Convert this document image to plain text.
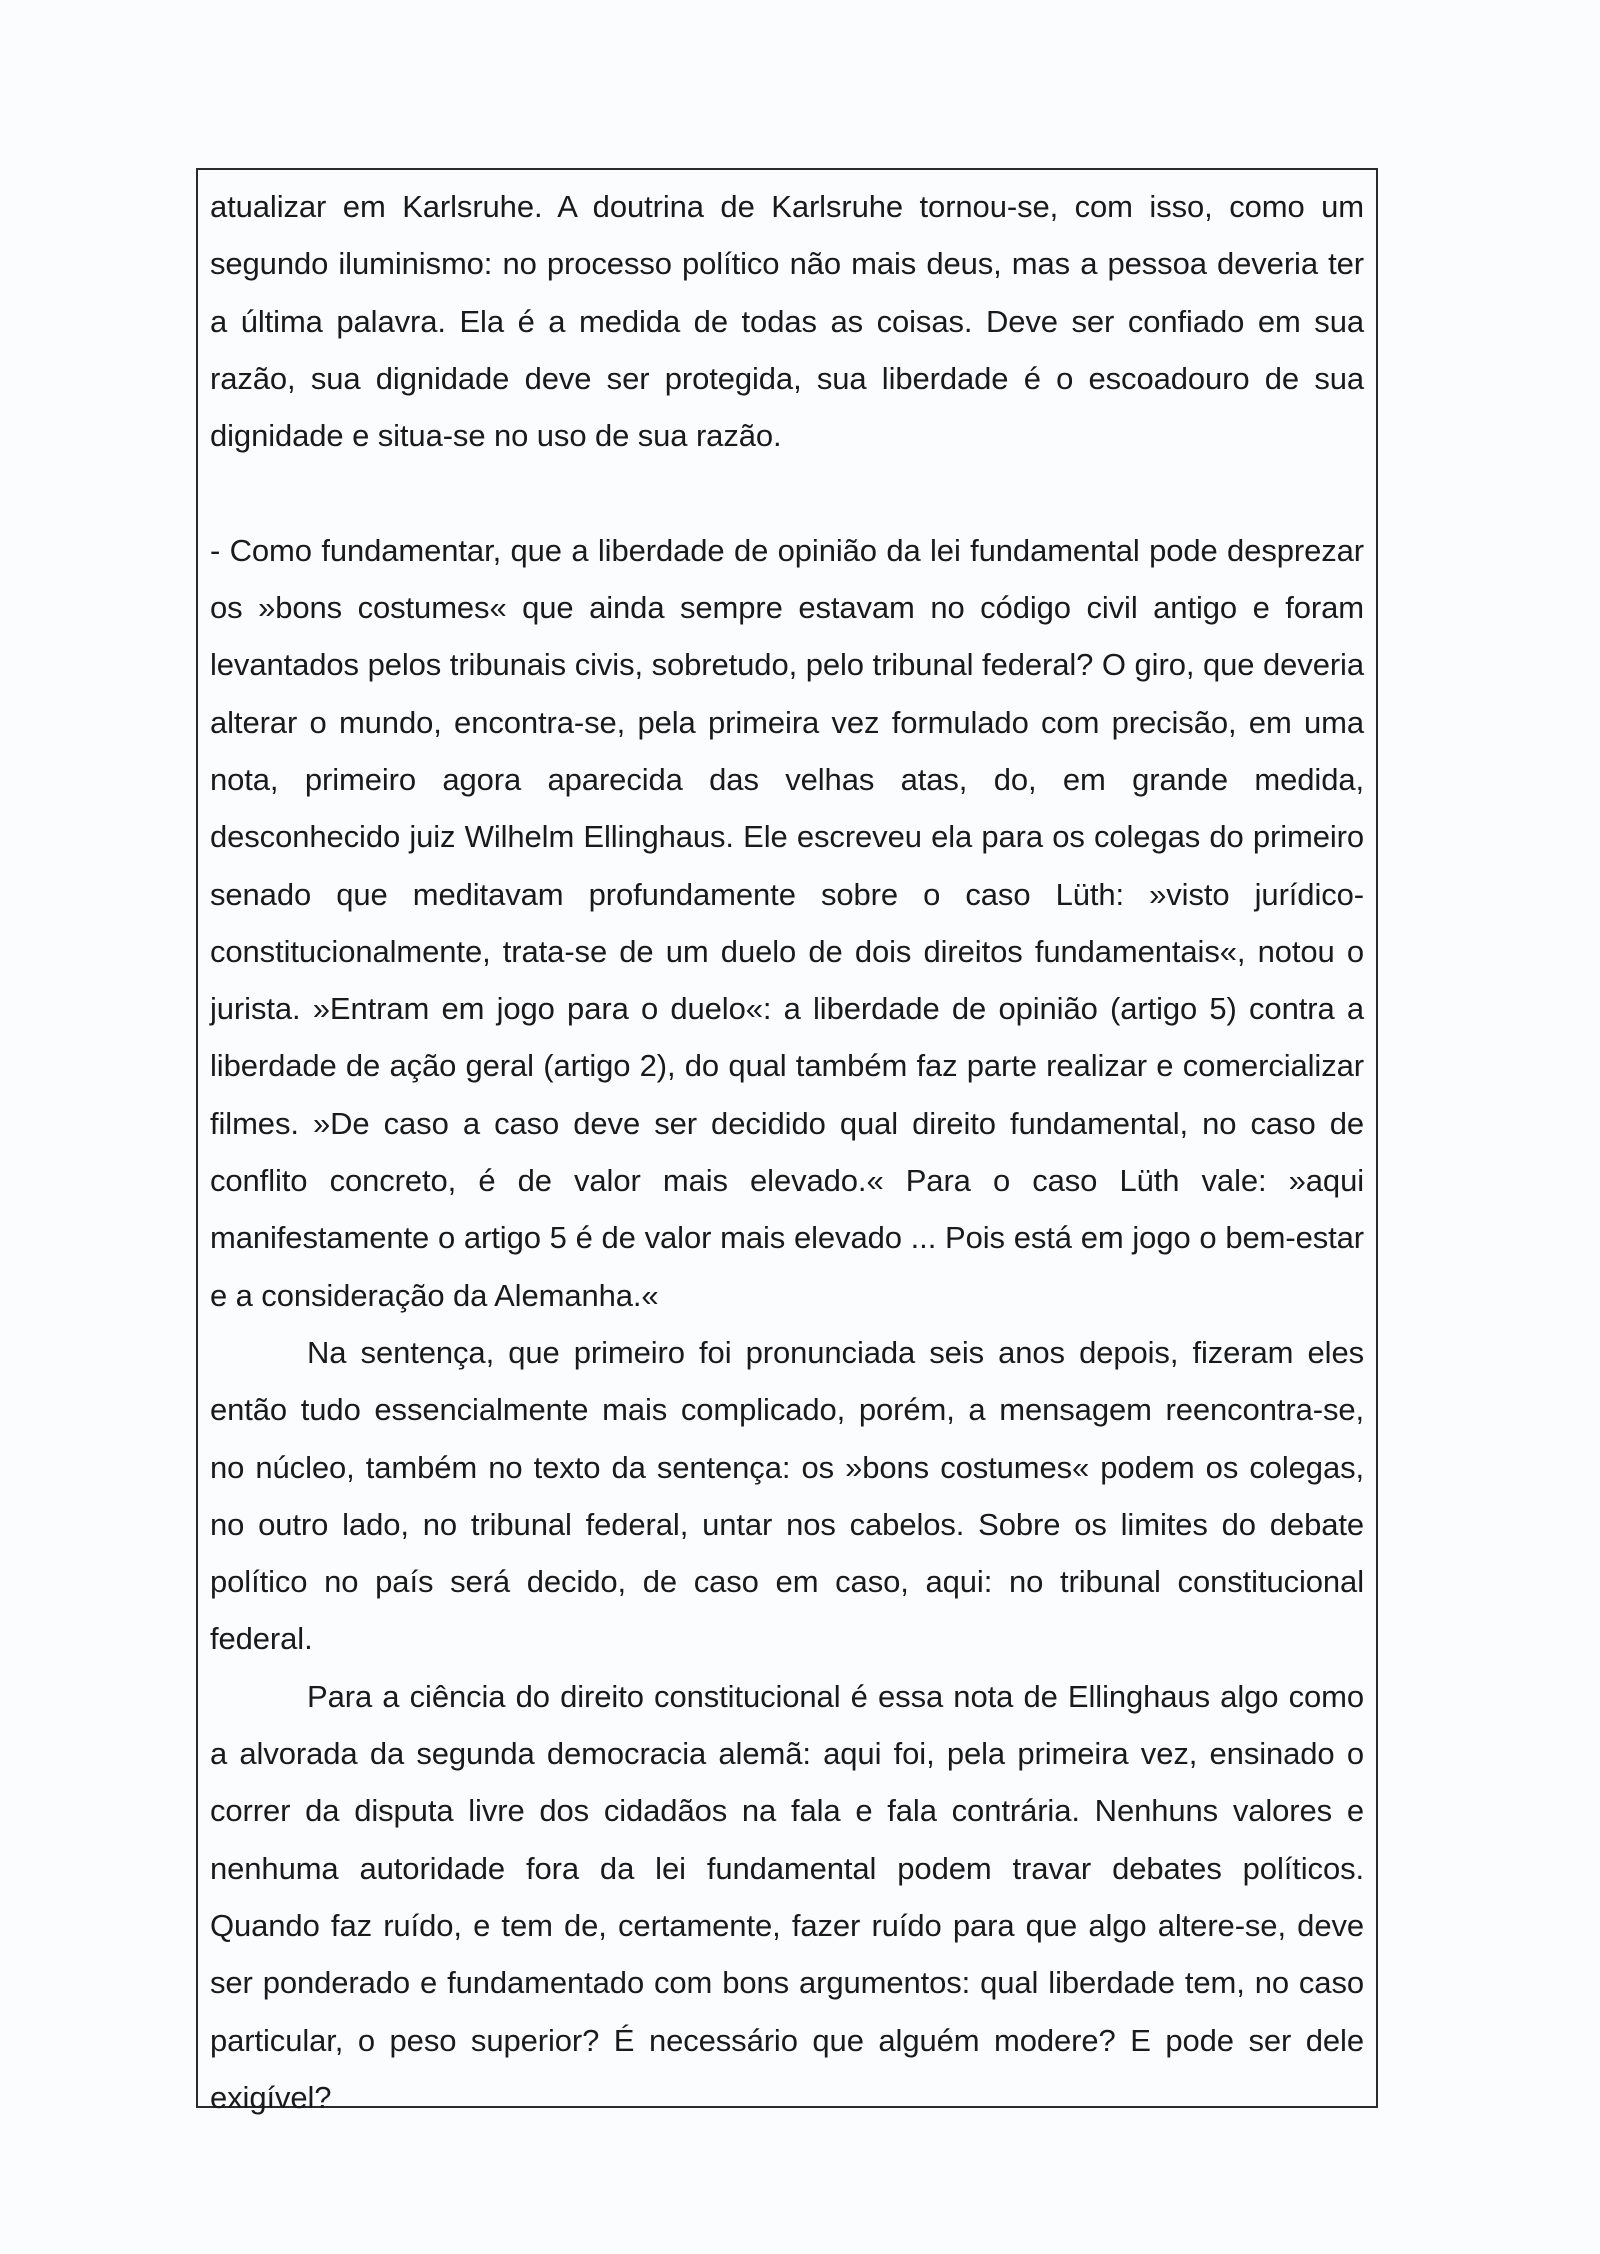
atualizar em Karlsruhe. A doutrina de Karlsruhe tornou-se, com isso, como um segundo iluminismo: no processo político não mais deus, mas a pessoa deveria ter a última palavra. Ela é a medida de todas as coisas. Deve ser confiado em sua razão, sua dignidade deve ser protegida, sua liberdade é o escoadouro de sua dignidade e situa-se no uso de sua razão.

- Como fundamentar, que a liberdade de opinião da lei fundamental pode desprezar os »bons costumes« que ainda sempre estavam no código civil antigo e foram levantados pelos tribunais civis, sobretudo, pelo tribunal federal? O giro, que deveria alterar o mundo, encontra-se, pela primeira vez formulado com precisão, em uma nota, primeiro agora aparecida das velhas atas, do, em grande medida, desconhecido juiz Wilhelm Ellinghaus. Ele escreveu ela para os colegas do primeiro senado que meditavam profundamente sobre o caso Lüth: »visto jurídico-constitucionalmente, trata-se de um duelo de dois direitos fundamentais«, notou o jurista. »Entram em jogo para o duelo«: a liberdade de opinião (artigo 5) contra a liberdade de ação geral (artigo 2), do qual também faz parte realizar e comercializar filmes. »De caso a caso deve ser decidido qual direito fundamental, no caso de conflito concreto, é de valor mais elevado.« Para o caso Lüth vale: »aqui manifestamente o artigo 5 é de valor mais elevado ... Pois está em jogo o bem-estar e a consideração da Alemanha.«

Na sentença, que primeiro foi pronunciada seis anos depois, fizeram eles então tudo essencialmente mais complicado, porém, a mensagem reencontra-se, no núcleo, também no texto da sentença: os »bons costumes« podem os colegas, no outro lado, no tribunal federal, untar nos cabelos. Sobre os limites do debate político no país será decido, de caso em caso, aqui: no tribunal constitucional federal.

Para a ciência do direito constitucional é essa nota de Ellinghaus algo como a alvorada da segunda democracia alemã: aqui foi, pela primeira vez, ensinado o correr da disputa livre dos cidadãos na fala e fala contrária. Nenhuns valores e nenhuma autoridade fora da lei fundamental podem travar debates políticos. Quando faz ruído, e tem de, certamente, fazer ruído para que algo altere-se, deve ser ponderado e fundamentado com bons argumentos: qual liberdade tem, no caso particular, o peso superior? É necessário que alguém modere? E pode ser dele exigível?
